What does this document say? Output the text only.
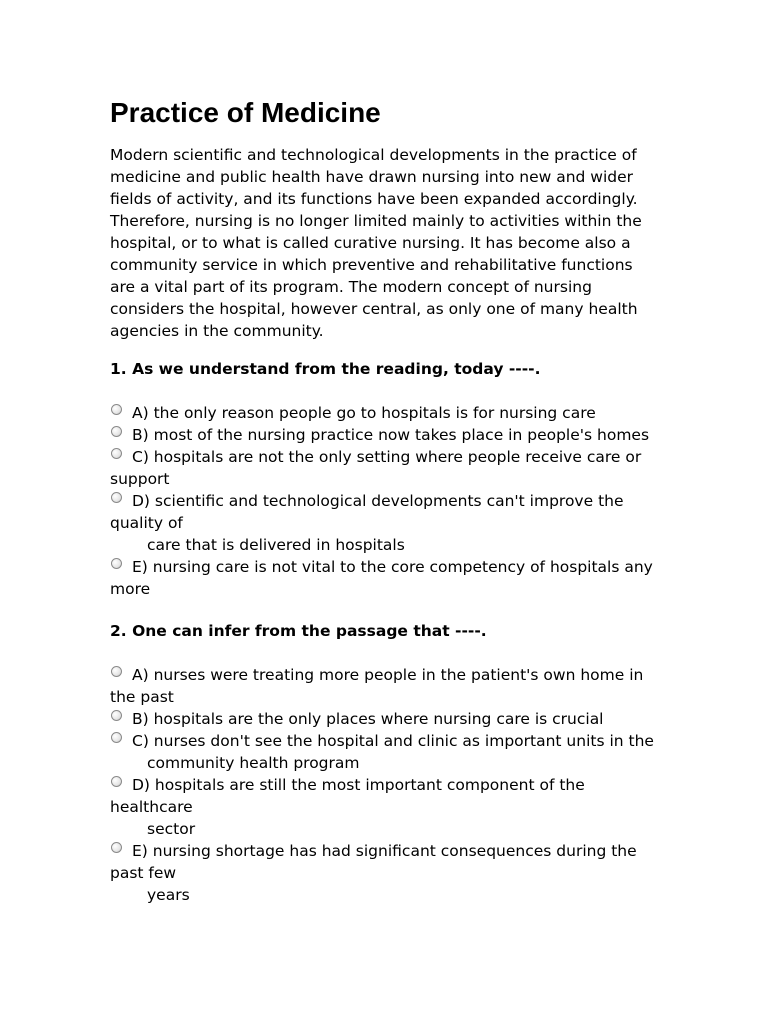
Practice of Medicine

Modern scientific and technological developments in the practice of medicine and public health have drawn nursing into new and wider fields of activity, and its functions have been expanded accordingly. Therefore, nursing is no longer limited mainly to activities within the hospital, or to what is called curative nursing. It has become also a community service in which preventive and rehabilitative functions are a vital part of its program. The modern concept of nursing considers the hospital, however central, as only one of many health agencies in the community.

1. As we understand from the reading, today ----.

A) the only reason people go to hospitals is for nursing care
B) most of the nursing practice now takes place in people's homes
C) hospitals are not the only setting where people receive care or support
D) scientific and technological developments can't improve the quality of
care that is delivered in hospitals
E) nursing care is not vital to the core competency of hospitals any more

2. One can infer from the passage that ----.

A) nurses were treating more people in the patient's own home in the past
B) hospitals are the only places where nursing care is crucial
C) nurses don't see the hospital and clinic as important units in the
community health program
D) hospitals are still the most important component of the healthcare
sector
E) nursing shortage has had significant consequences during the past few
years
